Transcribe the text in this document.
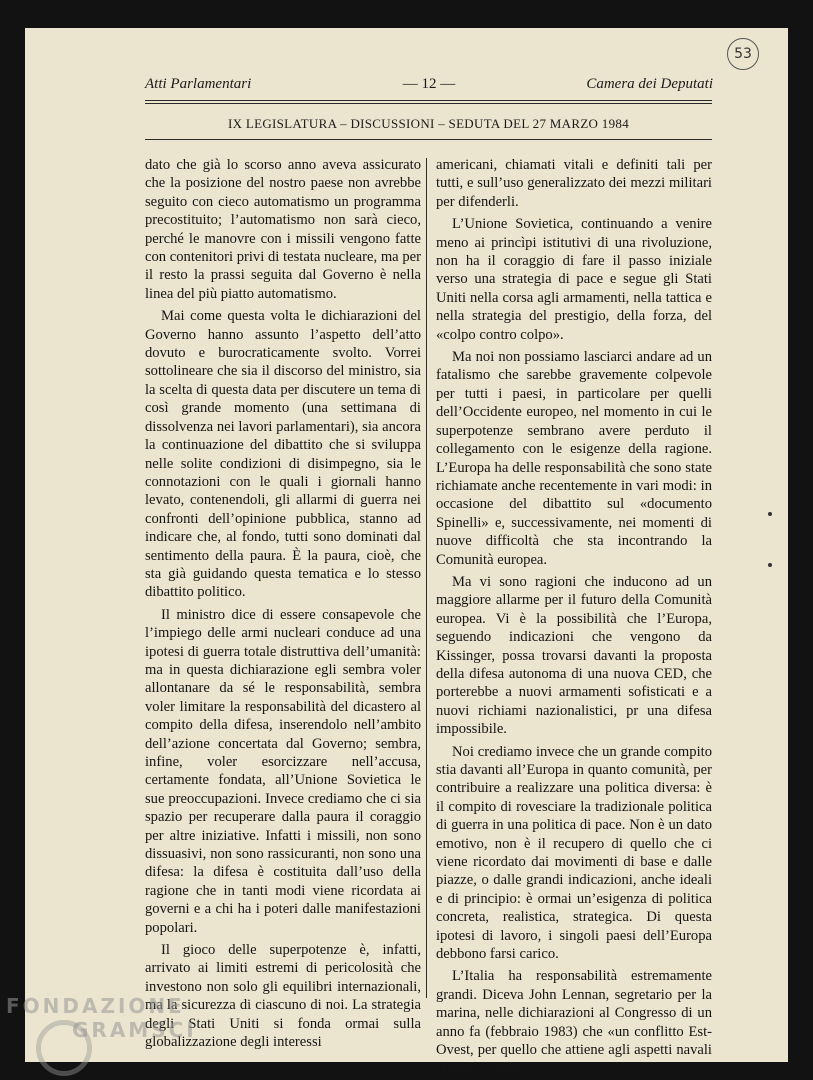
53
Atti Parlamentari	— 12 —	Camera dei Deputati
IX LEGISLATURA – DISCUSSIONI – SEDUTA DEL 27 MARZO 1984

dato che già lo scorso anno aveva assicurato che la posizione del nostro paese non avrebbe seguito con cieco automatismo un programma precostituito; l’automatismo non sarà cieco, perché le manovre con i missili vengono fatte con contenitori privi di testata nucleare, ma per il resto la prassi seguita dal Governo è nella linea del più piatto automatismo.

Mai come questa volta le dichiarazioni del Governo hanno assunto l’aspetto dell’atto dovuto e burocraticamente svolto. Vorrei sottolineare che sia il discorso del ministro, sia la scelta di questa data per discutere un tema di così grande momento (una settimana di dissolvenza nei lavori parlamentari), sia ancora la continuazione del dibattito che si sviluppa nelle solite condizioni di disimpegno, sia le connotazioni con le quali i giornali hanno levato, contenendoli, gli allarmi di guerra nei confronti dell’opinione pubblica, stanno ad indicare che, al fondo, tutti sono dominati dal sentimento della paura. È la paura, cioè, che sta già guidando questa tematica e lo stesso dibattito politico.

Il ministro dice di essere consapevole che l’impiego delle armi nucleari conduce ad una ipotesi di guerra totale distruttiva dell’umanità: ma in questa dichiarazione egli sembra voler allontanare da sé le responsabilità, sembra voler limitare la responsabilità del dicastero al compito della difesa, inserendolo nell’ambito dell’azione concertata dal Governo; sembra, infine, voler esorcizzare nell’accusa, certamente fondata, all’Unione Sovietica le sue preoccupazioni. Invece crediamo che ci sia spazio per recuperare dalla paura il coraggio per altre iniziative. Infatti i missili, non sono dissuasivi, non sono rassicuranti, non sono una difesa: la difesa è costituita dall’uso della ragione che in tanti modi viene ricordata ai governi e a chi ha i poteri dalle manifestazioni popolari.

Il gioco delle superpotenze è, infatti, arrivato ai limiti estremi di pericolosità che investono non solo gli equilibri internazionali, ma la sicurezza di ciascuno di noi. La strategia degli Stati Uniti si fonda ormai sulla globalizzazione degli interessi

americani, chiamati vitali e definiti tali per tutti, e sull’uso generalizzato dei mezzi militari per difenderli.

L’Unione Sovietica, continuando a venire meno ai princìpi istitutivi di una rivoluzione, non ha il coraggio di fare il passo iniziale verso una strategia di pace e segue gli Stati Uniti nella corsa agli armamenti, nella tattica e nella strategia del prestigio, della forza, del «colpo contro colpo».

Ma noi non possiamo lasciarci andare ad un fatalismo che sarebbe gravemente colpevole per tutti i paesi, in particolare per quelli dell’Occidente europeo, nel momento in cui le superpotenze sembrano avere perduto il collegamento con le esigenze della ragione. L’Europa ha delle responsabilità che sono state richiamate anche recentemente in vari modi: in occasione del dibattito sul «documento Spinelli» e, successivamente, nei momenti di nuove difficoltà che sta incontrando la Comunità europea.

Ma vi sono ragioni che inducono ad un maggiore allarme per il futuro della Comunità europea. Vi è la possibilità che l’Europa, seguendo indicazioni che vengono da Kissinger, possa trovarsi davanti la proposta della difesa autonoma di una nuova CED, che porterebbe a nuovi armamenti sofisticati e a nuovi richiami nazionalistici, pr una difesa impossibile.

Noi crediamo invece che un grande compito stia davanti all’Europa in quanto comunità, per contribuire a realizzare una politica diversa: è il compito di rovesciare la tradizionale politica di guerra in una politica di pace. Non è un dato emotivo, non è il recupero di quello che ci viene ricordato dai movimenti di base e dalle piazze, o dalle grandi indicazioni, anche ideali e di principio: è ormai un’esigenza di politica concreta, realistica, strategica. Di questa ipotesi di lavoro, i singoli paesi dell’Europa debbono farsi carico.

L’Italia ha responsabilità estremamente grandi. Diceva John Lennan, segretario per la marina, nelle dichiarazioni al Congresso di un anno fa (febbraio 1983) che «un conflitto Est-Ovest, per quello che attiene agli aspetti navali classici, non si

FONDAZIONE
GRAMSCI
